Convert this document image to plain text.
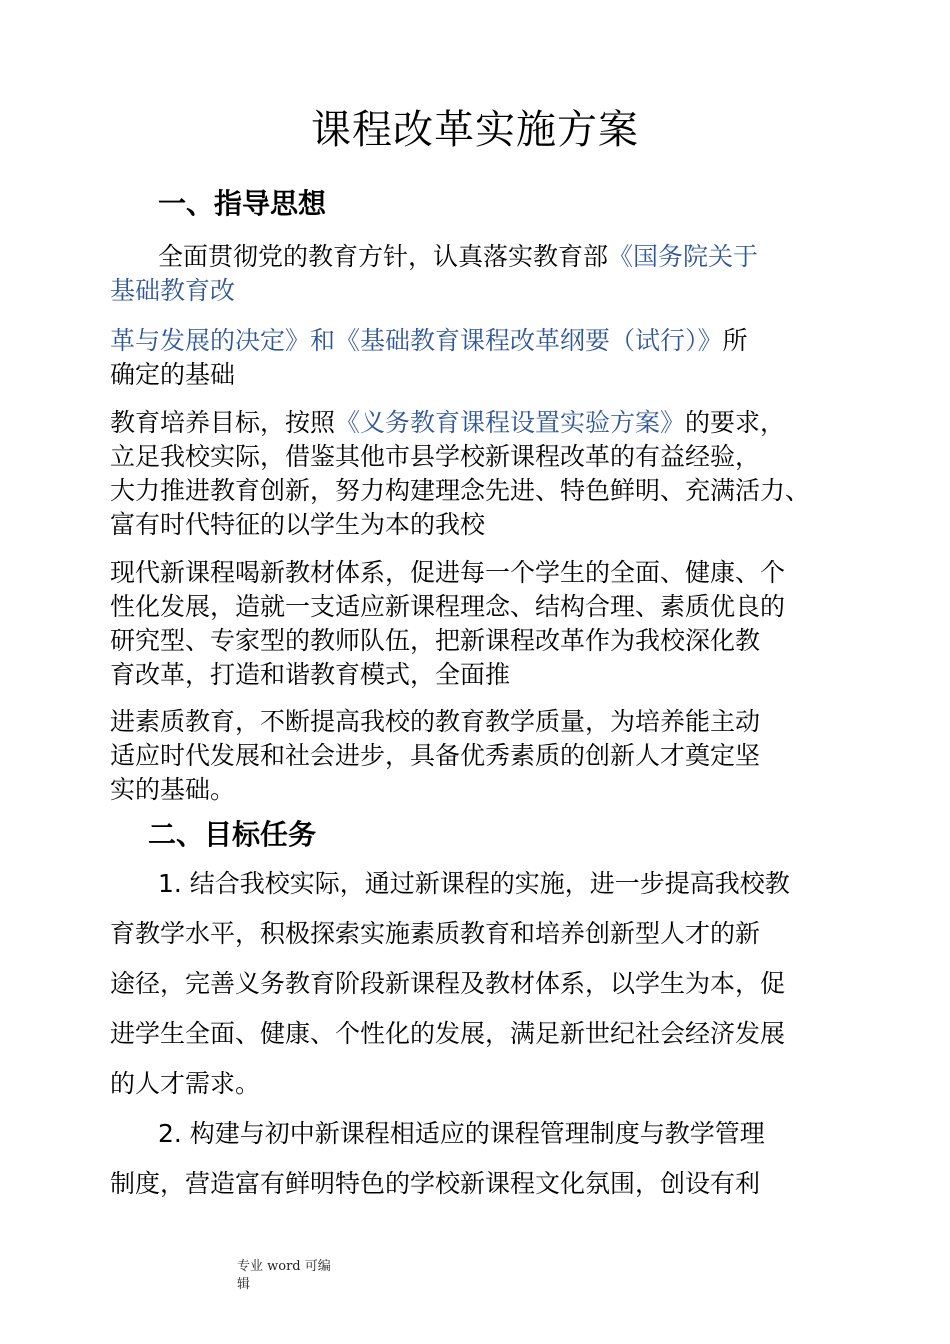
课程改革实施方案
一、指导思想
全面贯彻党的教育方针，认真落实教育部《国务院关于
基础教育改
革与发展的决定》和《基础教育课程改革纲要（试行）》所
确定的基础
教育培养目标，按照《义务教育课程设置实验方案》的要求，
立足我校实际，借鉴其他市县学校新课程改革的有益经验，
大力推进教育创新，努力构建理念先进、特色鲜明、充满活力、
富有时代特征的以学生为本的我校
现代新课程喝新教材体系，促进每一个学生的全面、健康、个
性化发展，造就一支适应新课程理念、结构合理、素质优良的
研究型、专家型的教师队伍，把新课程改革作为我校深化教
育改革，打造和谐教育模式，全面推
进素质教育，不断提高我校的教育教学质量，为培养能主动
适应时代发展和社会进步，具备优秀素质的创新人才奠定坚
实的基础。
二、目标任务
1. 结合我校实际，通过新课程的实施，进一步提高我校教
育教学水平，积极探索实施素质教育和培养创新型人才的新
途径，完善义务教育阶段新课程及教材体系，以学生为本，促
进学生全面、健康、个性化的发展，满足新世纪社会经济发展
的人才需求。
2. 构建与初中新课程相适应的课程管理制度与教学管理
制度，营造富有鲜明特色的学校新课程文化氛围，创设有利
专业 word 可编
辑
